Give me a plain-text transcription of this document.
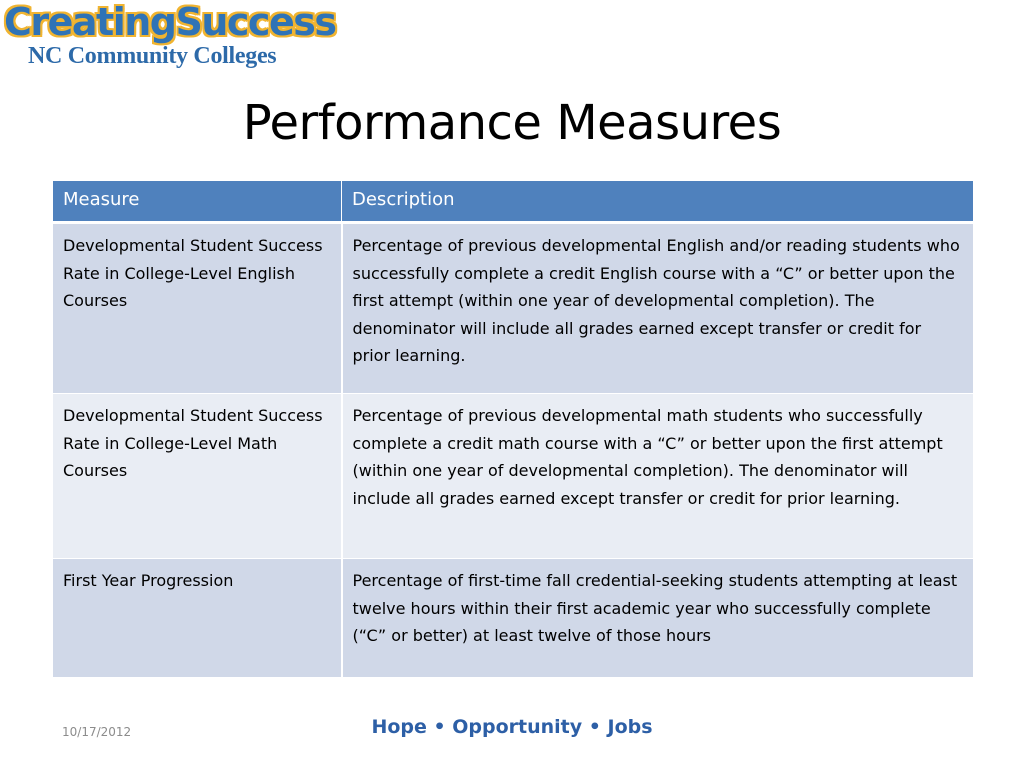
CreatingSuccess
NC Community Colleges
Performance Measures
Measure	Description
Developmental Student Success Rate in College-Level English Courses	Percentage of previous developmental English and/or reading students who successfully complete a credit English course with a “C” or better upon the first attempt (within one year of developmental completion). The denominator will include all grades earned except transfer or credit for prior learning.
Developmental Student Success Rate in College-Level Math Courses	Percentage of previous developmental math students who successfully complete a credit math course with a “C” or better upon the first attempt (within one year of developmental completion). The denominator will include all grades earned except transfer or credit for prior learning.
First Year Progression	Percentage of first-time fall credential-seeking students attempting at least twelve hours within their first academic year who successfully complete (“C” or better) at least twelve of those hours
10/17/2012	Hope • Opportunity • Jobs
